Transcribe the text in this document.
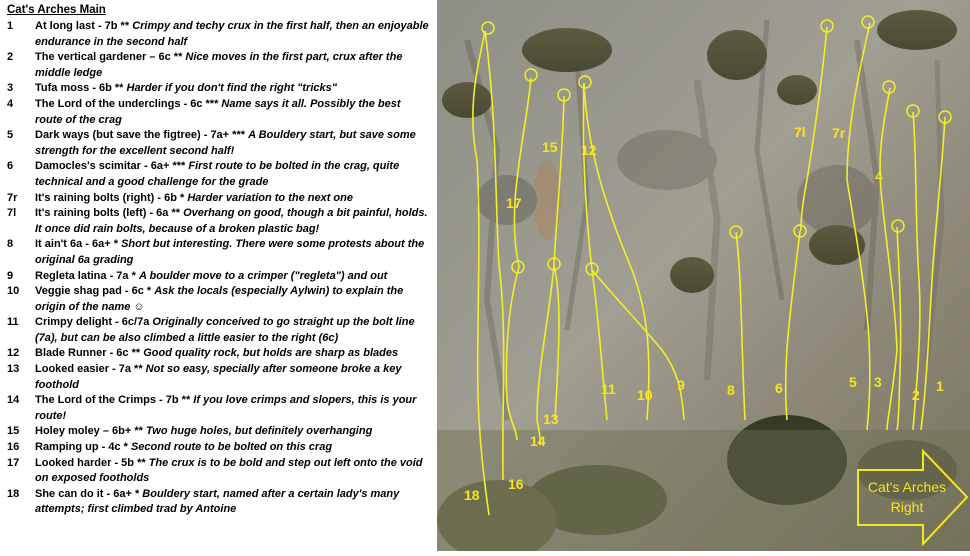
Cat's Arches Main
1	At long last - 7b ** Crimpy and techy crux in the first half, then an enjoyable endurance in the second half
2	The vertical gardener – 6c ** Nice moves in the first part, crux after the middle ledge
3	Tufa moss - 6b ** Harder if you don't find the right "tricks"
4	The Lord of the underclings - 6c *** Name says it all. Possibly the best route of the crag
5	Dark ways (but save the figtree) - 7a+ *** A Bouldery start, but save some strength for the excellent second half!
6	Damocles's scimitar - 6a+ *** First route to be bolted in the crag, quite technical and a good challenge for the grade
7r	It's raining bolts (right) - 6b * Harder variation to the next one
7l	It's raining bolts (left) - 6a ** Overhang on good, though a bit painful, holds. It once did rain bolts, because of a broken plastic bag!
8	It ain't 6a - 6a+ * Short but interesting. There were some protests about the original 6a grading
9	Regleta latina - 7a * A boulder move to a crimper ("regleta") and out
10	Veggie shag pad - 6c * Ask the locals (especially Aylwin) to explain the origin of the name ☺
11	Crimpy delight - 6c/7a Originally conceived to go straight up the bolt line (7a), but can be also climbed a little easier to the right (6c)
12	Blade Runner - 6c ** Good quality rock, but holds are sharp as blades
13	Looked easier - 7a ** Not so easy, specially after someone broke a key foothold
14	The Lord of the Crimps - 7b ** If you love crimps and slopers, this is your route!
15	Holey moley – 6b+ ** Two huge holes, but definitely overhanging
16	Ramping up - 4c * Second route to be bolted on this crag
17	Looked harder - 5b ** The crux is to be bold and step out left onto the void on exposed footholds
18	She can do it - 6a+ * Bouldery start, named after a certain lady's many attempts; first climbed trad by Antoine
1
2
3
4
5
6
7l 7r
8
9
10
11
12
13
14
15
16
17
18	Cat's Arches
Right
